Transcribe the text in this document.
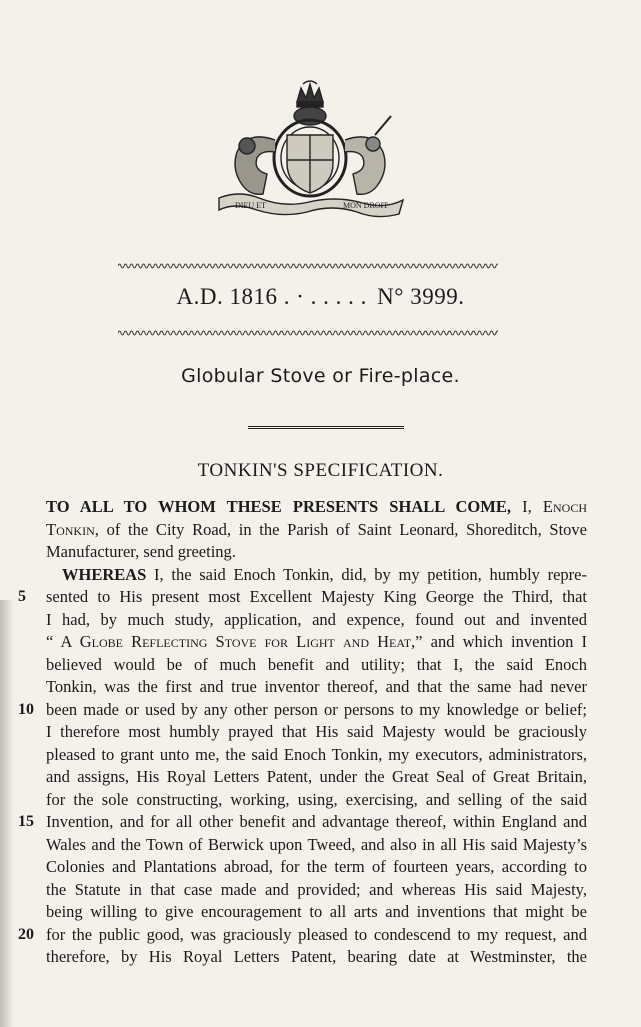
DIEU ET	MON DROIT
A.D. 1816 . · . . . . . N° 3999.
Globular Stove or Fire-place.
TONKIN'S SPECIFICATION.
TO ALL TO WHOM THESE PRESENTS SHALL COME, I, Enoch
Tonkin, of the City Road, in the Parish of Saint Leonard, Shoreditch, Stove
Manufacturer, send greeting.
WHEREAS I, the said Enoch Tonkin, did, by my petition, humbly repre-
5	sented to His present most Excellent Majesty King George the Third, that
I had, by much study, application, and expence, found out and invented
“ A Globe Reflecting Stove for Light and Heat,” and which invention I
believed would be of much benefit and utility; that I, the said Enoch
Tonkin, was the first and true inventor thereof, and that the same had never
10 been made or used by any other person or persons to my knowledge or belief;
I therefore most humbly prayed that His said Majesty would be graciously
pleased to grant unto me, the said Enoch Tonkin, my executors, administrators,
and assigns, His Royal Letters Patent, under the Great Seal of Great Britain,
for the sole constructing, working, using, exercising, and selling of the said
15 Invention, and for all other benefit and advantage thereof, within England and
Wales and the Town of Berwick upon Tweed, and also in all His said Majesty’s
Colonies and Plantations abroad, for the term of fourteen years, according to
the Statute in that case made and provided; and whereas His said Majesty,
being willing to give encouragement to all arts and inventions that might be
20 for the public good, was graciously pleased to condescend to my request, and
therefore, by His Royal Letters Patent, bearing date at Westminster, the
